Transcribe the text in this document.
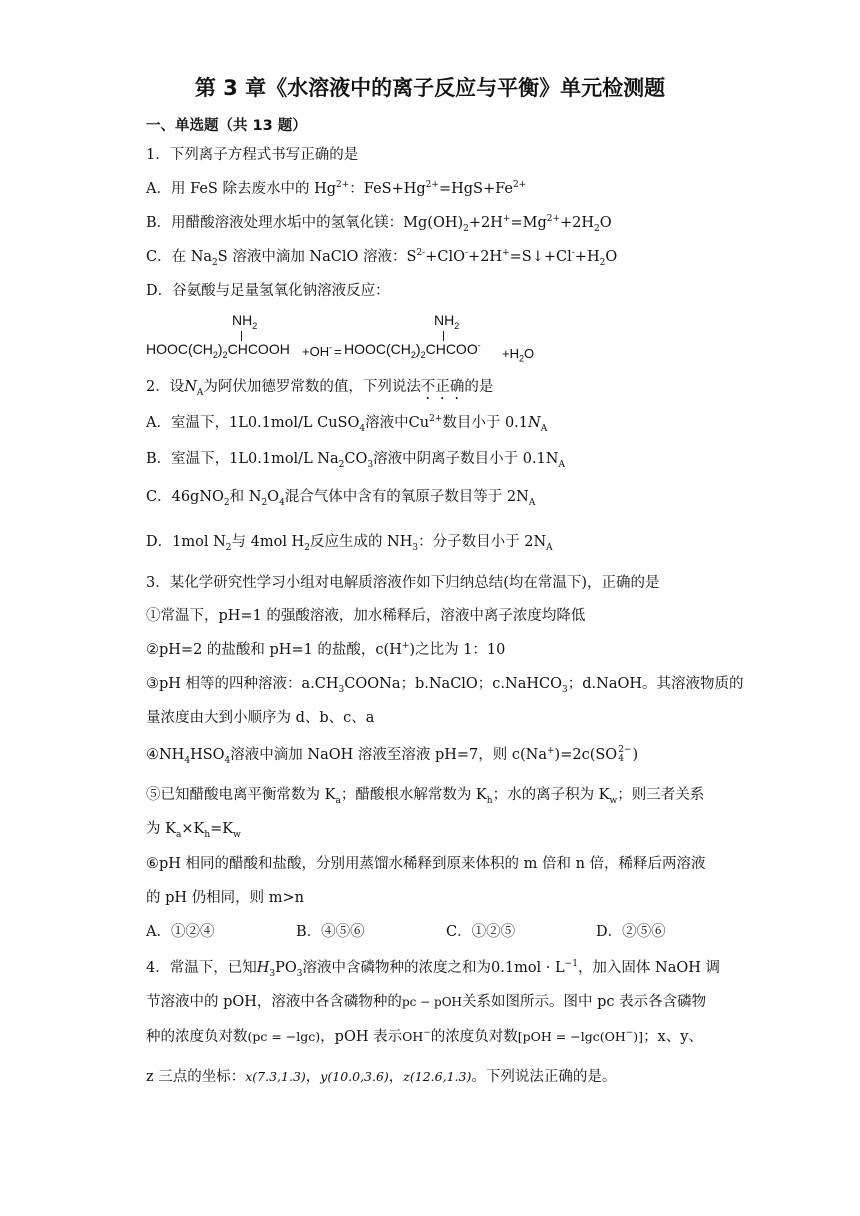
第 3 章《水溶液中的离子反应与平衡》单元检测题
一、单选题（共 13 题）
1．下列离子方程式书写正确的是
A．用 FeS 除去废水中的 $Hg^{2+}$：$FeS+Hg^{2+}=HgS+Fe^{2+}$
B．用醋酸溶液处理水垢中的氢氧化镁：$Mg(OH)_2+2H^+=Mg^{2+}+2H_2O$
C．在 $Na_2S$ 溶液中滴加 NaClO 溶液：$S^{2-}+ClO^-+2H^+=S↓+Cl^-+H_2O$
D．谷氨酸与足量氢氧化钠溶液反应：
$NH_2$
$HOOC(CH_2)_2CHCOOH +OH^-$ =
$NH_2$
$HOOC(CH_2)_2CHCOO^-$
$+H_2O$
2．设$N_A$为阿伏加德罗常数的值，下列说法不正确的是
A．室温下，1L0.1mol/L CuSO$_4$溶液中$Cu^{2+}$数目小于 $0.1N_A$
B．室温下，1L0.1mol/L $Na_2CO_3$溶液中阴离子数目小于 $0.1N_A$
C．46gNO$_2$和 $N_2O_4$混合气体中含有的氧原子数目等于 $2N_A$
D．1mol $N_2$与 4mol $H_2$反应生成的 $NH_3$：分子数目小于 $2N_A$
3．某化学研究性学习小组对电解质溶液作如下归纳总结(均在常温下)，正确的是
①常温下，pH=1 的强酸溶液，加水稀释后，溶液中离子浓度均降低
②pH=2 的盐酸和 pH=1 的盐酸，c(H+)之比为 1：10
③pH 相等的四种溶液：$a.CH_3COONa$；b.NaClO；c.NaHCO$_3$；d.NaOH。其溶液物质的
量浓度由大到小顺序为 d、b、c、a
$④NH_4HSO_4$溶液中滴加 NaOH 溶液至溶液 pH=7，则 c(Na+)=2c(SO 2−
4 )
⑤已知醋酸电离平衡常数为 $K_a$；醋酸根水解常数为 $K_h$；水的离子积为 $K_w$；则三者关系
为 $K_a\times K_h=K_w$
⑥pH 相同的醋酸和盐酸，分别用蒸馏水稀释到原来体积的 m 倍和 n 倍，稀释后两溶液
的 pH 仍相同，则 m>n
A．①②④	B．④⑤⑥	C．①②⑤	D．②⑤⑥
4．常温下，已知$H_3PO_3$溶液中含磷物种的浓度之和为$0.1mol \cdot L^{-1}$，加入固体 NaOH 调
节溶液中的 pOH，溶液中各含磷物种的pc − pOH关系如图所示。图中 pc 表示各含磷物
种的浓度负对数(pc = −lgc)，pOH 表示OH−的浓度负对数[pOH = −lgc(OH−)]；x、y、
z 三点的坐标：x(7.3,1.3)，y(10.0,3.6)，z(12.6,1.3)。下列说法正确的是。
